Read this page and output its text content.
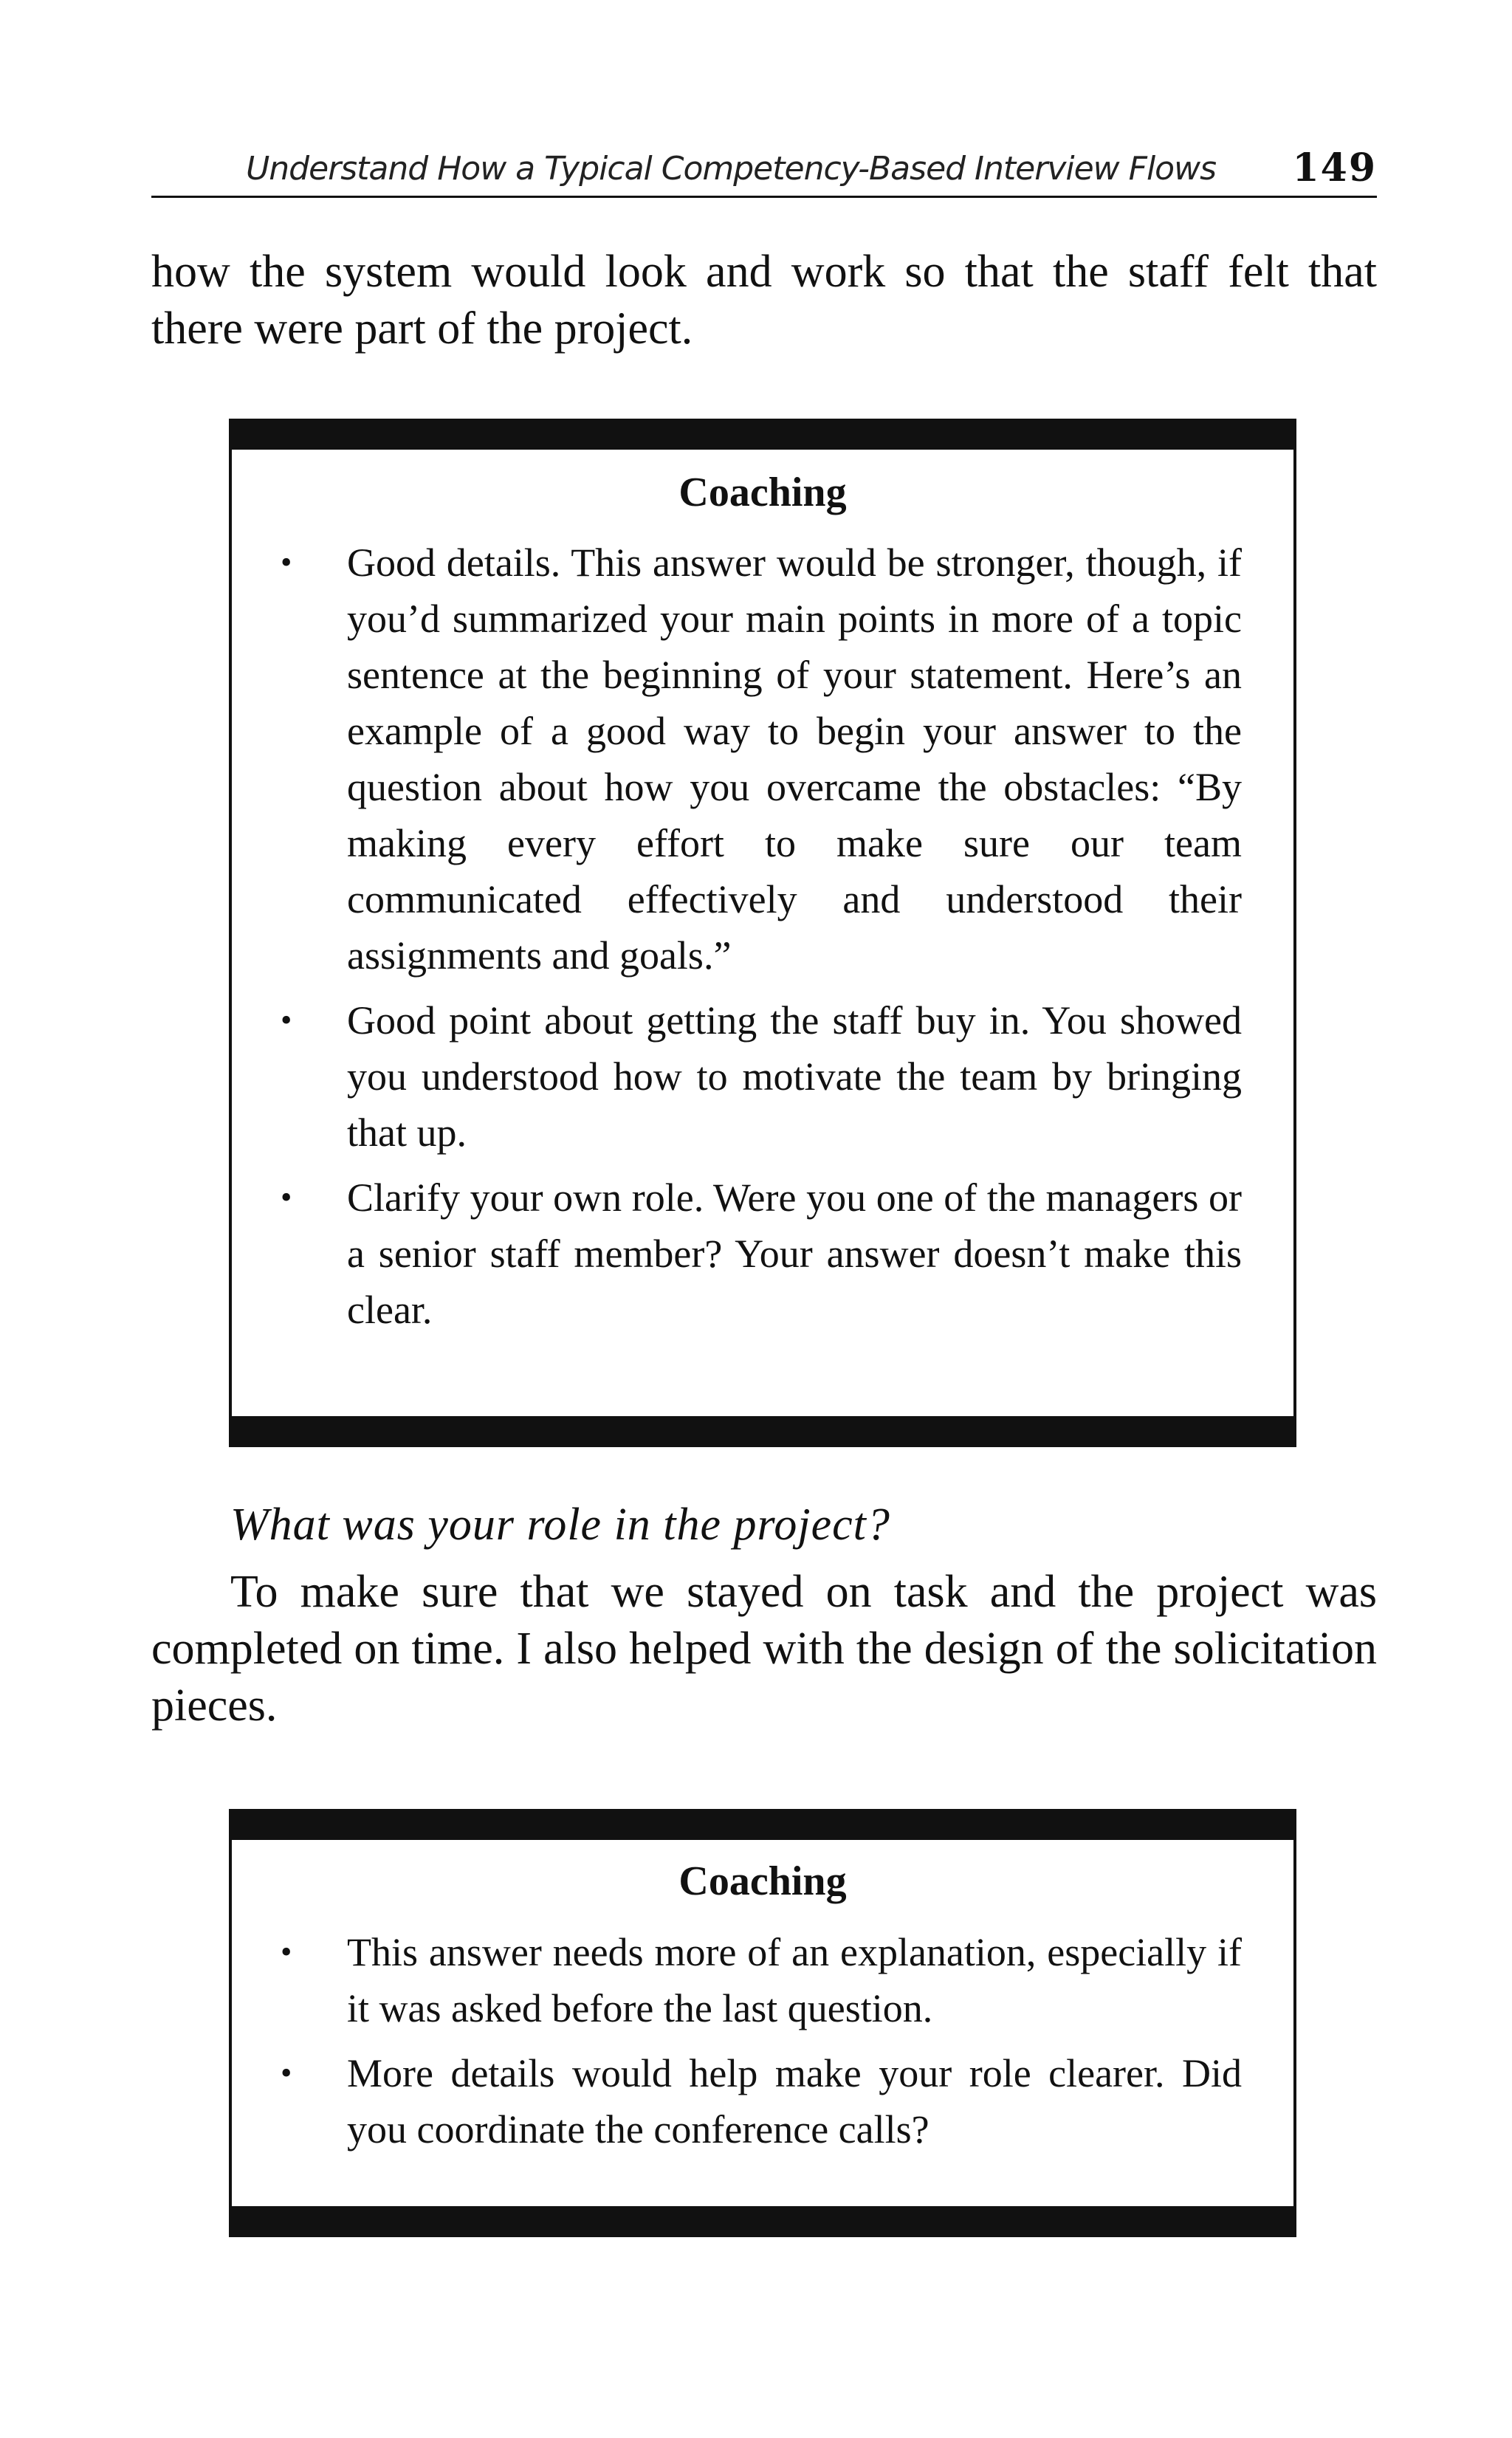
Understand How a Typical Competency-Based Interview Flows 149

how the system would look and work so that the staff felt that there were part of the project.

Coaching
• Good details. This answer would be stronger, though, if you’d summarized your main points in more of a topic sentence at the beginning of your statement. Here’s an example of a good way to begin your answer to the question about how you overcame the obstacles: “By making every effort to make sure our team communicated effectively and understood their assignments and goals.”
• Good point about getting the staff buy in. You showed you understood how to motivate the team by bringing that up.
• Clarify your own role. Were you one of the managers or a senior staff member? Your answer doesn’t make this clear.
What was your role in the project?

To make sure that we stayed on task and the project was completed on time. I also helped with the design of the solicitation pieces.

Coaching
• This answer needs more of an explanation, especially if it was asked before the last question.
• More details would help make your role clearer. Did you coordinate the conference calls?
